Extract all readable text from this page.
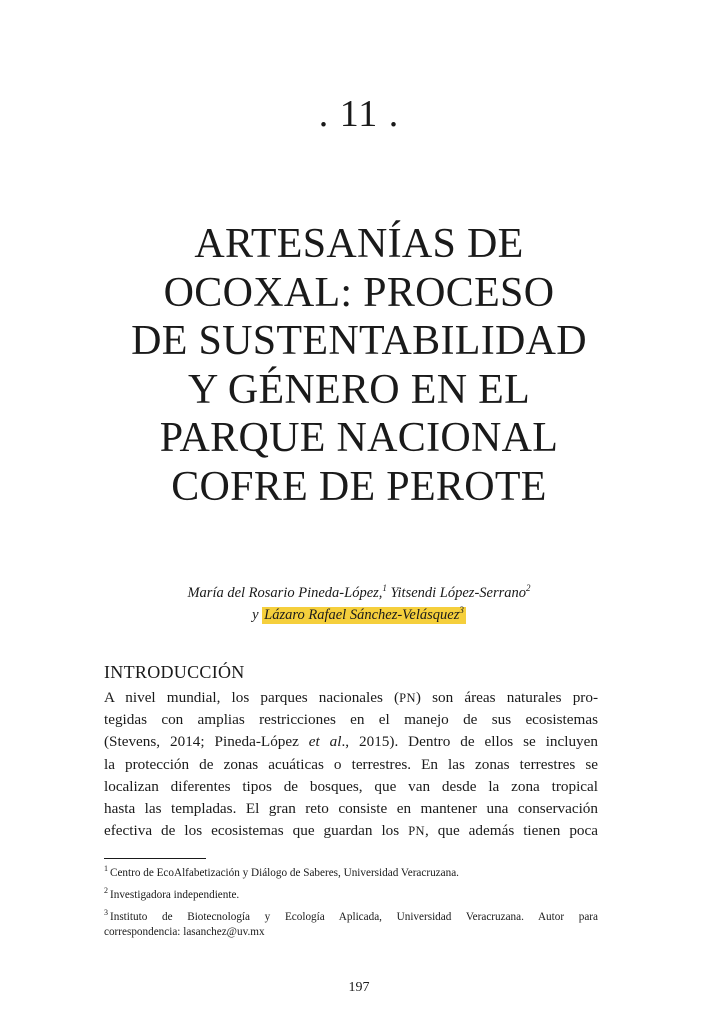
. 11 .
ARTESANÍAS DE
OCOXAL: PROCESO
DE SUSTENTABILIDAD
Y GÉNERO EN EL
PARQUE NACIONAL
COFRE DE PEROTE
María del Rosario Pineda-López,$^1$ Yitsendi López-Serrano$^2$
y Lázaro Rafael Sánchez-Velásquez$^3$
INTRODUCCIÓN
A nivel mundial, los parques nacionales (PN) son áreas naturales pro-
tegidas con amplias restricciones en el manejo de sus ecosistemas
(Stevens, 2014; Pineda-López et al., 2015). Dentro de ellos se incluyen
la protección de zonas acuáticas o terrestres. En las zonas terrestres se
localizan diferentes tipos de bosques, que van desde la zona tropical
hasta las templadas. El gran reto consiste en mantener una conservación
efectiva de los ecosistemas que guardan los PN, que además tienen poca
$^1$ Centro de EcoAlfabetización y Diálogo de Saberes, Universidad Veracruzana.
$^2$ Investigadora independiente.
$^3$ Instituto de Biotecnología y Ecología Aplicada, Universidad Veracruzana. Autor para
correspondencia: lasanchez@uv.mx
197
